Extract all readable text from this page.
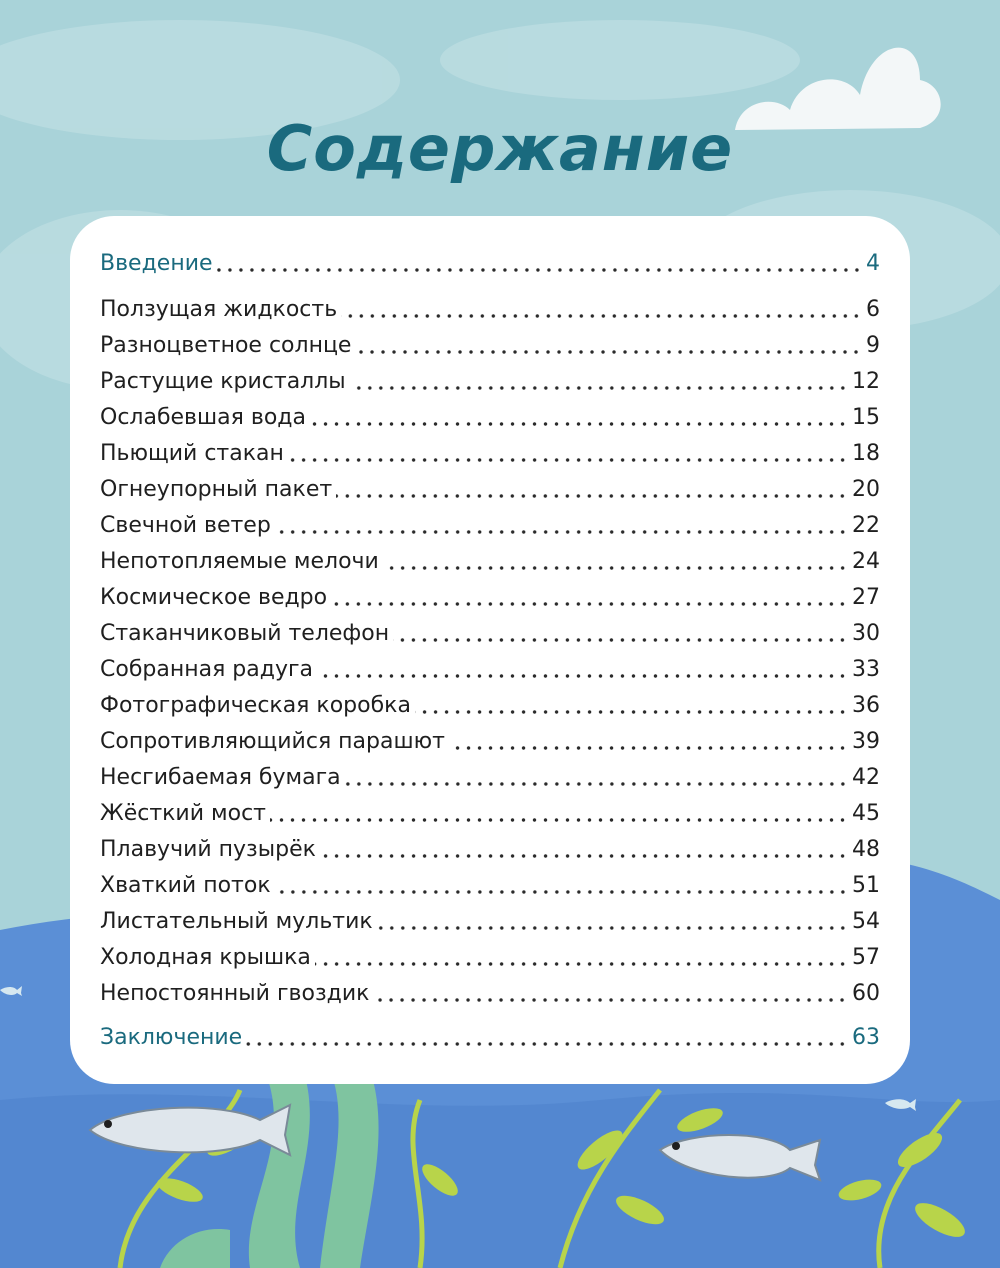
Содержание
Введение	4
Ползущая жидкость	6
Разноцветное солнце	9
Растущие кристаллы	12
Ослабевшая вода	15
Пьющий стакан	18
Огнеупорный пакет	20
Свечной ветер	22
Непотопляемые мелочи	24
Космическое ведро	27
Стаканчиковый телефон	30
Собранная радуга	33
Фотографическая коробка	36
Сопротивляющийся парашют	39
Несгибаемая бумага	42
Жёсткий мост	45
Плавучий пузырёк	48
Хваткий поток	51
Листательный мультик	54
Холодная крышка	57
Непостоянный гвоздик	60
Заключение	63
